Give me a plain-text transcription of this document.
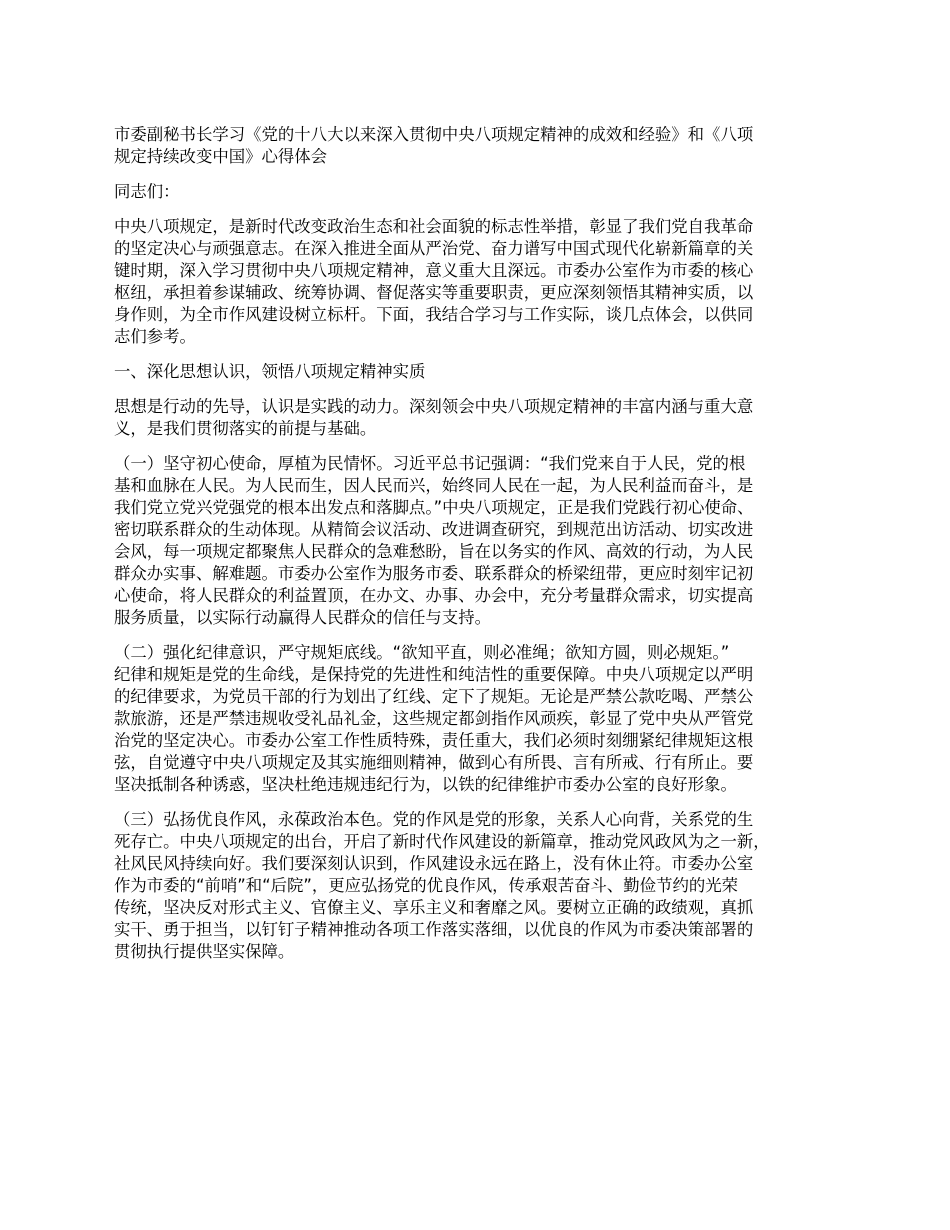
市委副秘书长学习《党的十八大以来深入贯彻中央八项规定精神的成效和经验》和《八项
规定持续改变中国》心得体会

同志们：

中央八项规定，是新时代改变政治生态和社会面貌的标志性举措，彰显了我们党自我革命
的坚定决心与顽强意志。在深入推进全面从严治党、奋力谱写中国式现代化崭新篇章的关
键时期，深入学习贯彻中央八项规定精神，意义重大且深远。市委办公室作为市委的核心
枢纽，承担着参谋辅政、统筹协调、督促落实等重要职责，更应深刻领悟其精神实质，以
身作则，为全市作风建设树立标杆。下面，我结合学习与工作实际，谈几点体会，以供同
志们参考。

一、深化思想认识，领悟八项规定精神实质

思想是行动的先导，认识是实践的动力。深刻领会中央八项规定精神的丰富内涵与重大意
义，是我们贯彻落实的前提与基础。

（一）坚守初心使命，厚植为民情怀。习近平总书记强调：“我们党来自于人民，党的根
基和血脉在人民。为人民而生，因人民而兴，始终同人民在一起，为人民利益而奋斗，是
我们党立党兴党强党的根本出发点和落脚点。”中央八项规定，正是我们党践行初心使命、
密切联系群众的生动体现。从精简会议活动、改进调查研究，到规范出访活动、切实改进
会风，每一项规定都聚焦人民群众的急难愁盼，旨在以务实的作风、高效的行动，为人民
群众办实事、解难题。市委办公室作为服务市委、联系群众的桥梁纽带，更应时刻牢记初
心使命，将人民群众的利益置顶，在办文、办事、办会中，充分考量群众需求，切实提高
服务质量，以实际行动赢得人民群众的信任与支持。

（二）强化纪律意识，严守规矩底线。“欲知平直，则必准绳；欲知方圆，则必规矩。”
纪律和规矩是党的生命线，是保持党的先进性和纯洁性的重要保障。中央八项规定以严明
的纪律要求，为党员干部的行为划出了红线、定下了规矩。无论是严禁公款吃喝、严禁公
款旅游，还是严禁违规收受礼品礼金，这些规定都剑指作风顽疾，彰显了党中央从严管党
治党的坚定决心。市委办公室工作性质特殊，责任重大，我们必须时刻绷紧纪律规矩这根
弦，自觉遵守中央八项规定及其实施细则精神，做到心有所畏、言有所戒、行有所止。要
坚决抵制各种诱惑，坚决杜绝违规违纪行为，以铁的纪律维护市委办公室的良好形象。

（三）弘扬优良作风，永葆政治本色。党的作风是党的形象，关系人心向背，关系党的生
死存亡。中央八项规定的出台，开启了新时代作风建设的新篇章，推动党风政风为之一新，
社风民风持续向好。我们要深刻认识到，作风建设永远在路上，没有休止符。市委办公室
作为市委的“前哨”和“后院”，更应弘扬党的优良作风，传承艰苦奋斗、勤俭节约的光荣
传统，坚决反对形式主义、官僚主义、享乐主义和奢靡之风。要树立正确的政绩观，真抓
实干、勇于担当，以钉钉子精神推动各项工作落实落细，以优良的作风为市委决策部署的
贯彻执行提供坚实保障。
